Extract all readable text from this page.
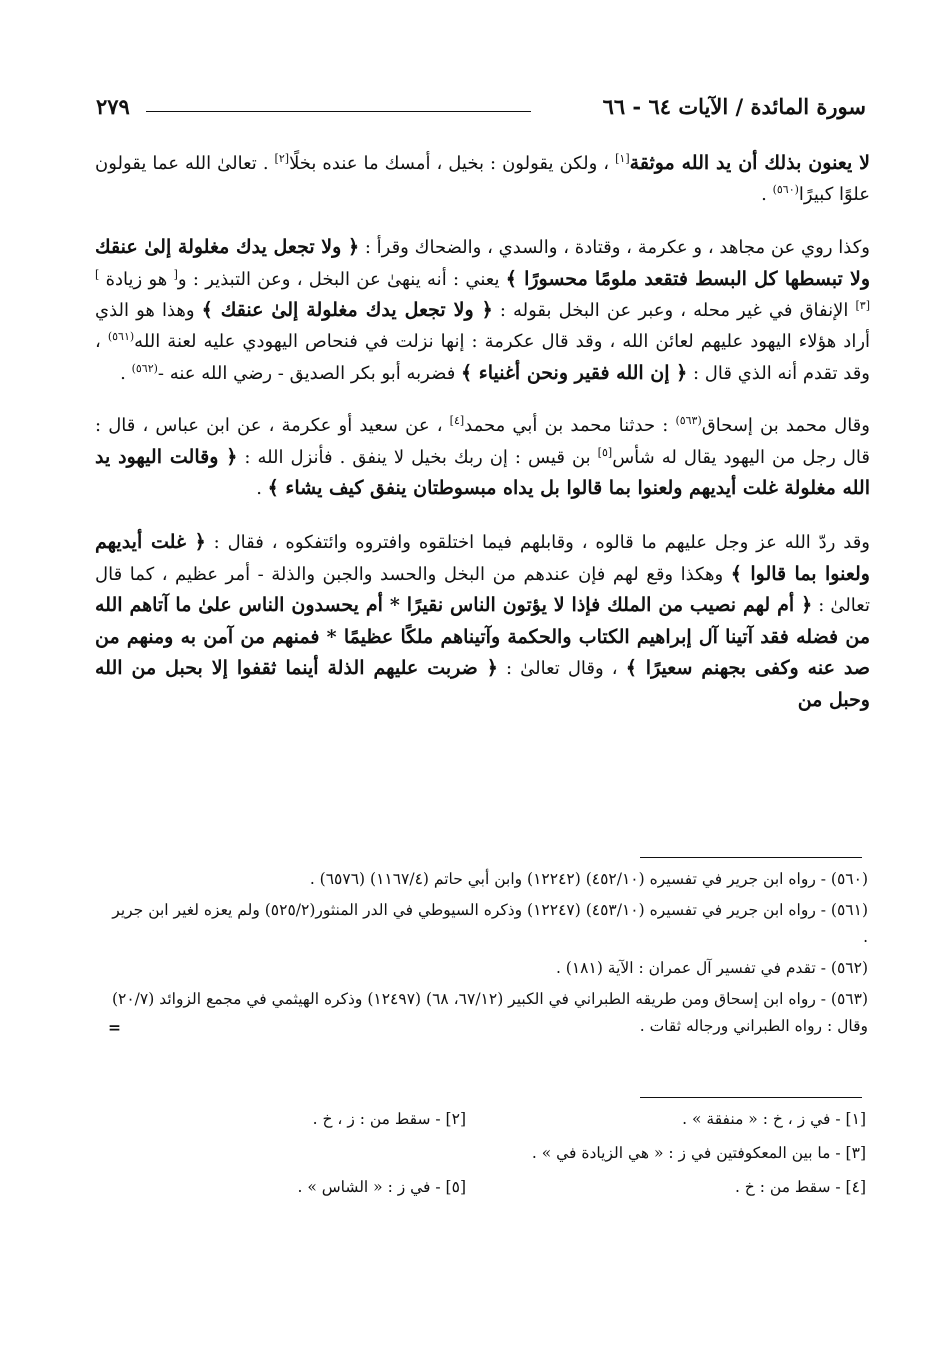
سورة المائدة / الآيات ٦٤ - ٦٦
٢٧٩

لا يعنون بذلك أن يد الله موثقة[١] ، ولكن يقولون : بخيل ، أمسك ما عنده بخلًا[٢] . تعالىٰ الله عما يقولون علوًا كبيرًا$^{(٥٦٠)}$ .

وكذا روي عن مجاهد ، و عكرمة ، وقتادة ، والسدي ، والضحاك وقرأ : ﴿ ولا تجعل يدك مغلولة إلىٰ عنقك ولا تبسطها كل البسط فتقعد ملومًا محسورًا ﴾ يعني : أنه ينهىٰ عن البخل ، وعن التبذير : و[ هو زيادة $^{][٣]}$ الإنفاق في غير محله ، وعبر عن البخل بقوله : ﴿ ولا تجعل يدك مغلولة إلىٰ عنقك ﴾ وهذا هو الذي أراد هؤلاء اليهود عليهم لعائن الله ، وقد قال عكرمة : إنها نزلت في فنحاص اليهودي عليه لعنة الله$^{(٥٦١)}$ ، وقد تقدم أنه الذي قال : ﴿ إن الله فقير ونحن أغنياء ﴾ فضربه أبو بكر الصديق - رضي الله عنه -$^{(٥٦٢)}$ .

وقال محمد بن إسحاق$^{(٥٦٣)}$ : حدثنا محمد بن أبي محمد[٤] ، عن سعيد أو عكرمة ، عن ابن عباس ، قال : قال رجل من اليهود يقال له شأس[٥] بن قيس : إن ربك بخيل لا ينفق . فأنزل الله : ﴿ وقالت اليهود يد الله مغلولة غلت أيديهم ولعنوا بما قالوا بل يداه مبسوطتان ينفق كيف يشاء ﴾ .

وقد ردّ الله عز وجل عليهم ما قالوه ، وقابلهم فيما اختلقوه وافتروه وائتفكوه ، فقال : ﴿ غلت أيديهم ولعنوا بما قالوا ﴾ وهكذا وقع لهم فإن عندهم من البخل والحسد والجبن والذلة - أمر عظيم ، كما قال تعالىٰ : ﴿ أم لهم نصيب من الملك فإذا لا يؤتون الناس نقيرًا * أم يحسدون الناس علىٰ ما آتاهم الله من فضله فقد آتينا آل إبراهيم الكتاب والحكمة وآتيناهم ملكًا عظيمًا * فمنهم من آمن به ومنهم من صد عنه وكفى بجهنم سعيرًا ﴾ ، وقال تعالىٰ : ﴿ ضربت عليهم الذلة أينما ثقفوا إلا بحبل من الله وحبل من

(٥٦٠) - رواه ابن جرير في تفسيره (٤٥٢/١٠) (١٢٢٤٢) وابن أبي حاتم (١١٦٧/٤) (٦٥٧٦) .
(٥٦١) - رواه ابن جرير في تفسيره (٤٥٣/١٠) (١٢٢٤٧) وذكره السيوطي في الدر المنثور(٥٢٥/٢) ولم يعزه لغير ابن جرير .
(٥٦٢) - تقدم في تفسير آل عمران : الآية (١٨١) .
(٥٦٣) - رواه ابن إسحاق ومن طريقه الطبراني في الكبير (٦٧/١٢، ٦٨) (١٢٤٩٧) وذكره الهيثمي في مجمع الزوائد (٢٠/٧) وقال : رواه الطبراني ورجاله ثقات .
=
[١] - في ز ، خ : « منفقة » .
[٢] - سقط من : ز ، خ .
[٣] - ما بين المعكوفتين في ز : « هي الزيادة في » .
[٤] - سقط من : خ .
[٥] - في ز : « الشاس » .
